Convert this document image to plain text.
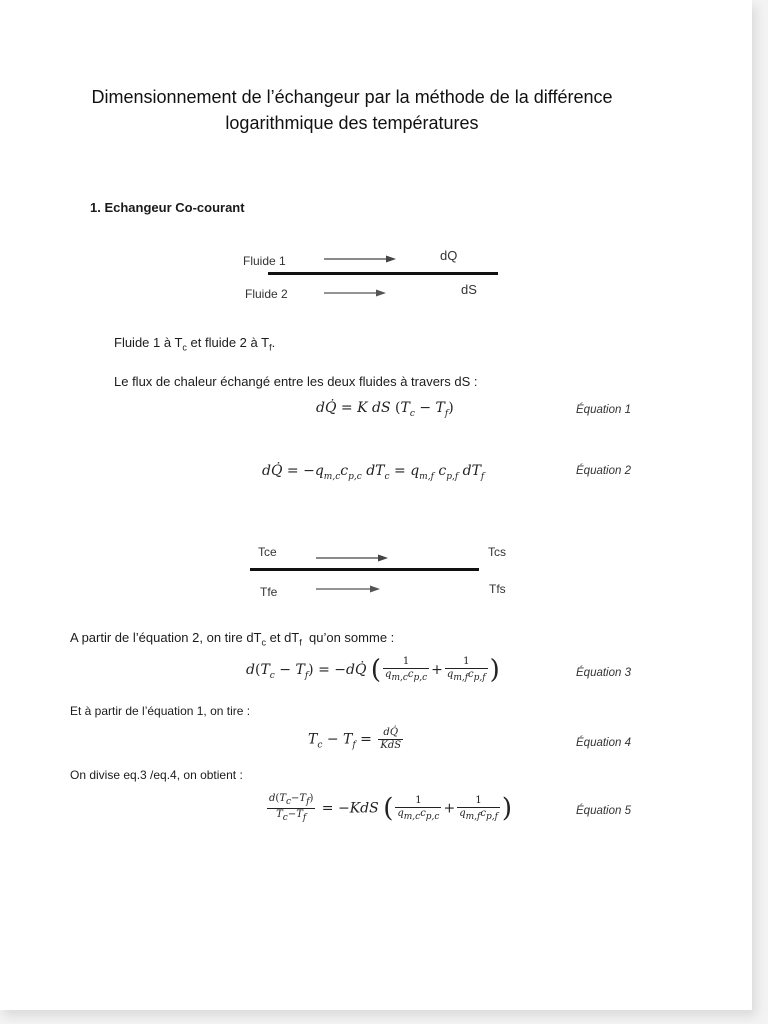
Dimensionnement de l’échangeur par la méthode de la différence
logarithmique des températures
1. Echangeur Co-courant
Fluide 1	dQ
Fluide 2	dS
Fluide 1 à $T_c$ et fluide 2 à $T_f$.
Le flux de chaleur échangé entre les deux fluides à travers dS :
dQ̇ = K dS $(T_c - T_f)$	Équation 1
dQ̇ = $-q_{m,c}c_{p,c}$ $dT_c = q_{m,f}$ $c_{p,f}$ $dT_f$	Équation 2
Tce	Tcs
Tfe	Tfs
A partir de l’équation 2, on tire $dT_c$ et $dT_f$  qu’on somme :
$d(T_c - T_f)$ = −dQ̇ ( $\frac{1}{q_{m,c}c_{p,c}} + \frac{1}{q_{m,f}c_{p,f}}$ )	Équation 3
Et à partir de l’équation 1, on tire :
$T_c - T_f = \frac{dQ̇}{\text{KdS}}$	Équation 4
On divise eq.3 /eq.4, on obtient :
$\frac{d(T_c-T_f)}{T_c-T_f} = -KdS$ ( $\frac{1}{q_{m,c}c_{p,c}} + \frac{1}{q_{m,f}c_{p,f}}$ )	Équation 5
